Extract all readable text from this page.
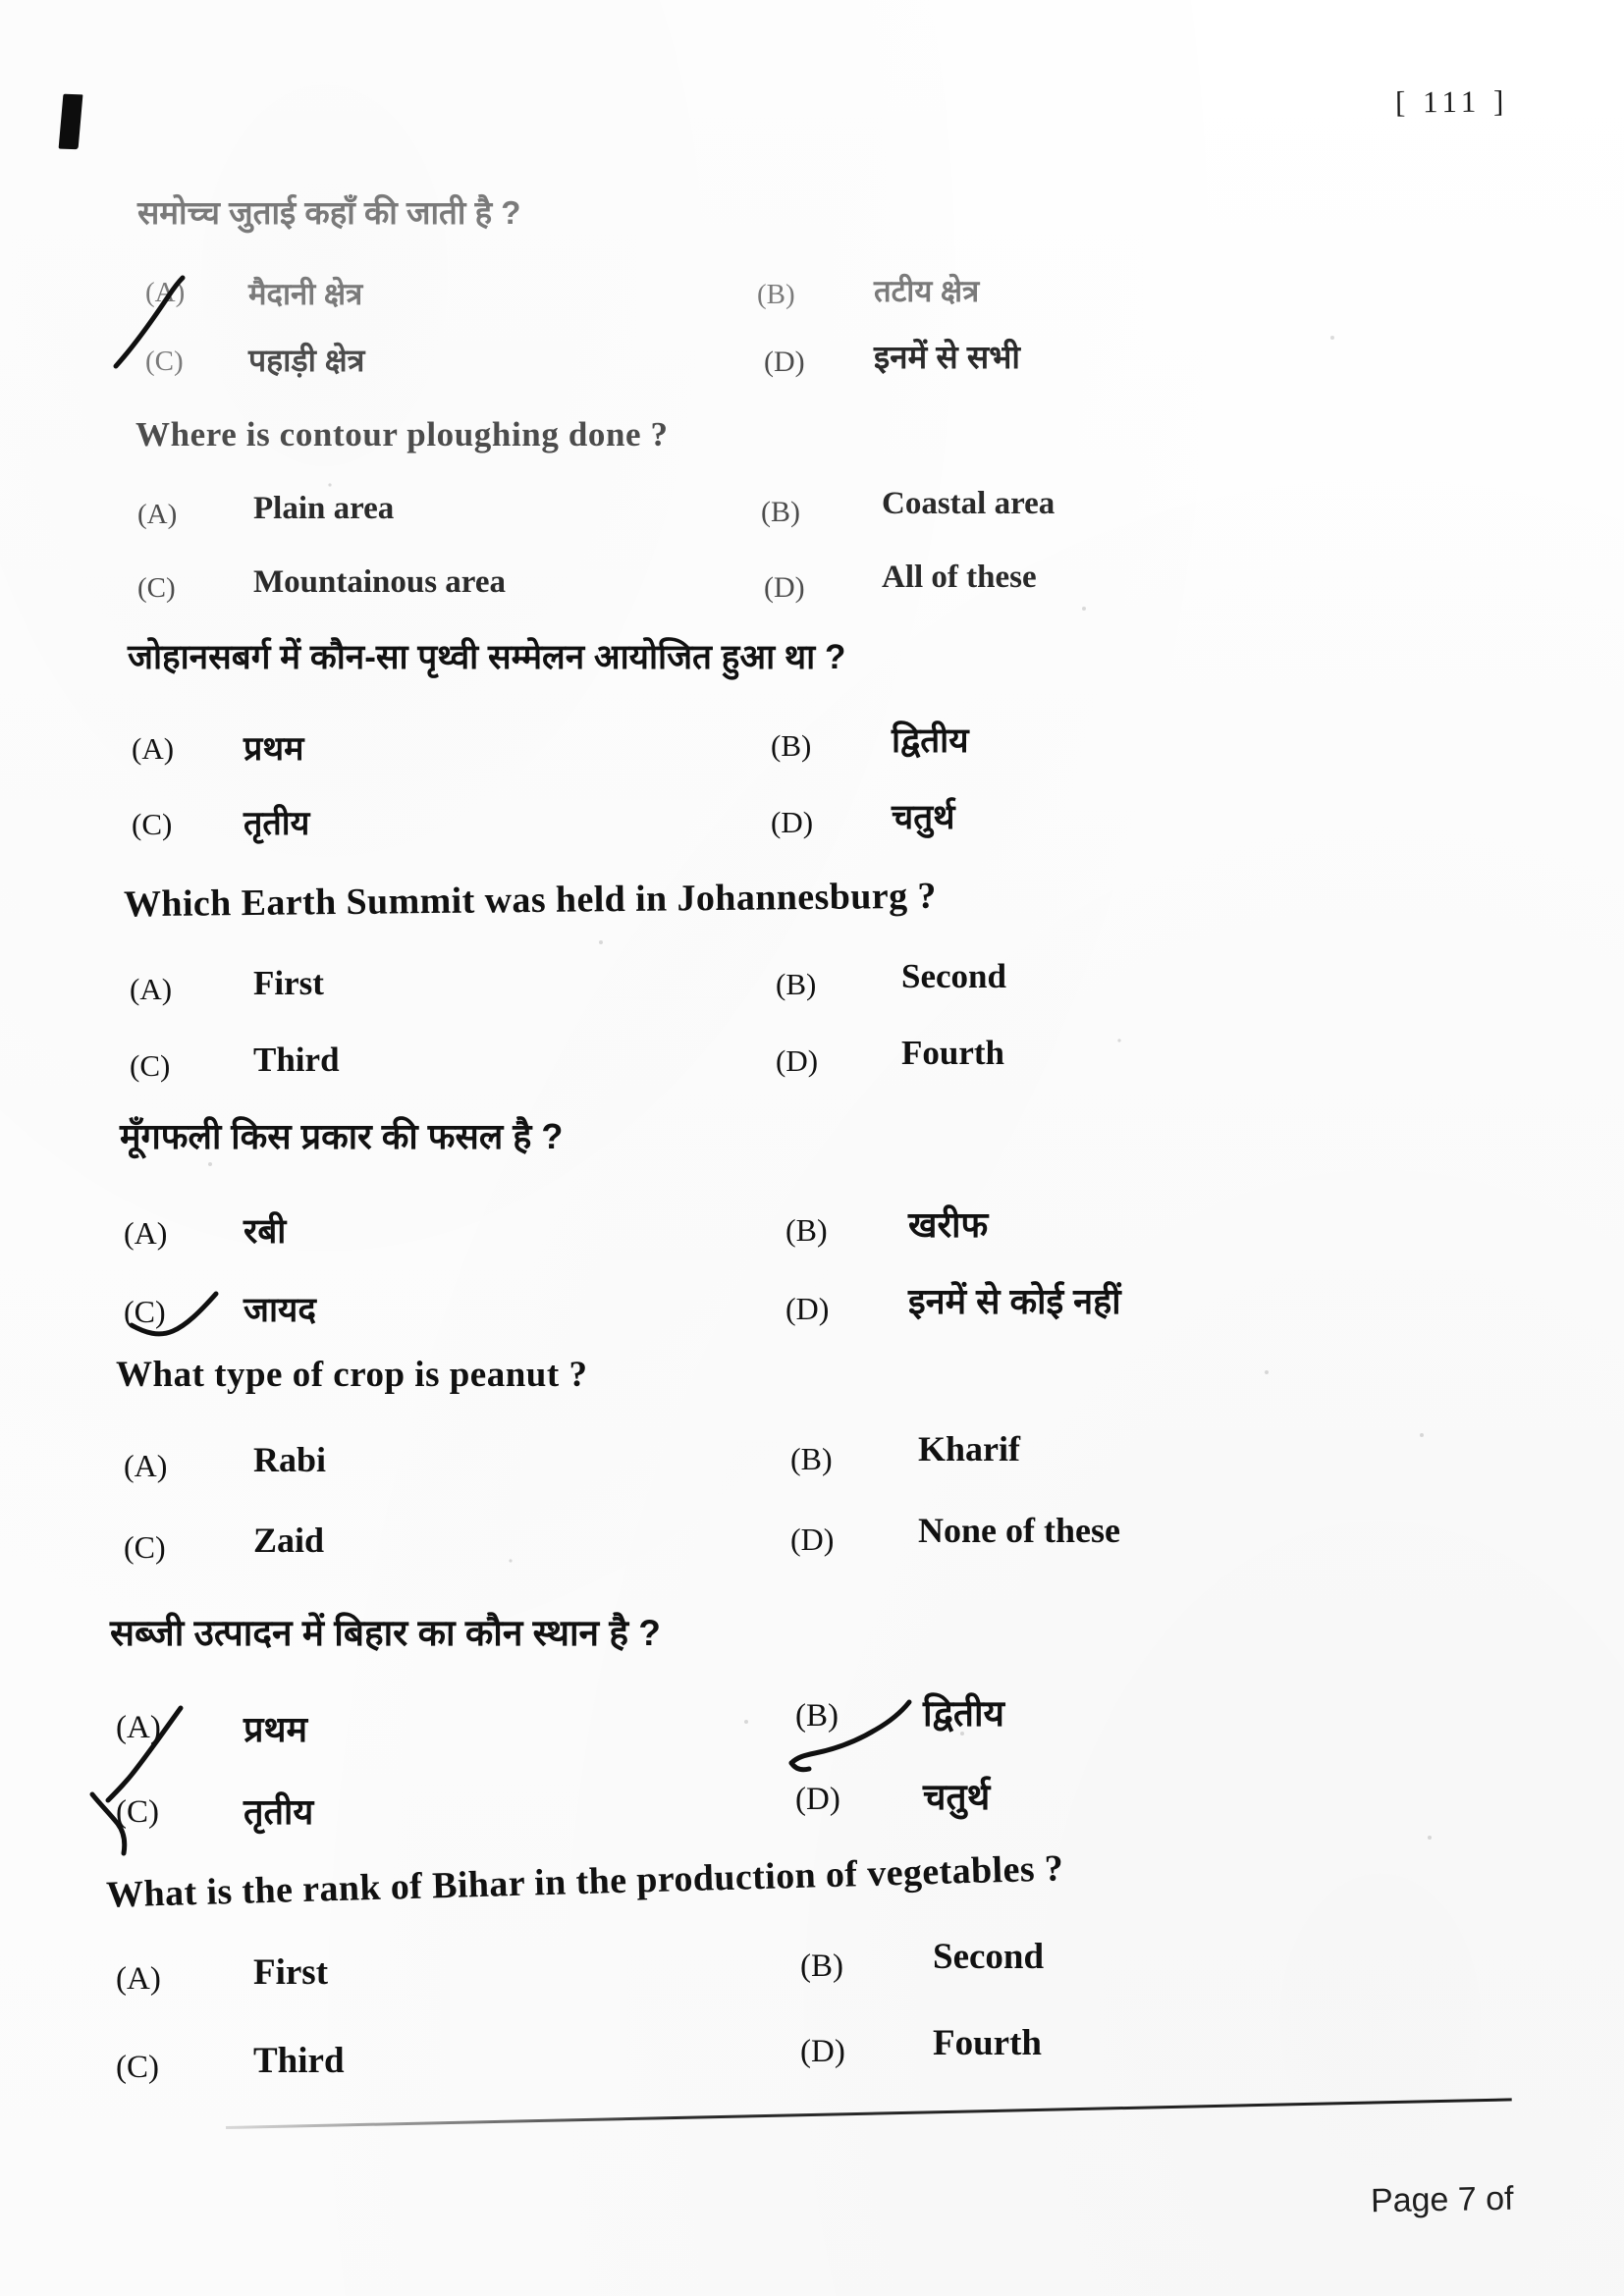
[ 111 ]
समोच्च जुताई कहाँ की जाती है ?
(A) मैदानी क्षेत्र	(B)	तटीय क्षेत्र
(C) पहाड़ी क्षेत्र	(D) इनमें से सभी
Where is contour ploughing done ?
(A) Plain area	(B)	Coastal area
(C) Mountainous area	(D) All of these
जोहानसबर्ग में कौन-सा पृथ्वी सम्मेलन आयोजित हुआ था ?
(A) प्रथम	(B) द्वितीय
(C) तृतीय	(D) चतुर्थ
Which Earth Summit was held in Johannesburg ?
(A) First	(B) Second
(C) Third	(D) Fourth
मूँगफली किस प्रकार की फसल है ?
(A) रबी	(B) खरीफ
(C) जायद	(D) इनमें से कोई नहीं
What type of crop is peanut ?
(A) Rabi	(B) Kharif
(C) Zaid	(D) None of these
सब्जी उत्पादन में बिहार का कौन स्थान है ?
(A) प्रथम	(B) द्वितीय
(C) तृतीय	(D) चतुर्थ
What is the rank of Bihar in the production of vegetables ?
(A)	First	(B) Second
(C)	Third	(D) Fourth
Page 7 of
